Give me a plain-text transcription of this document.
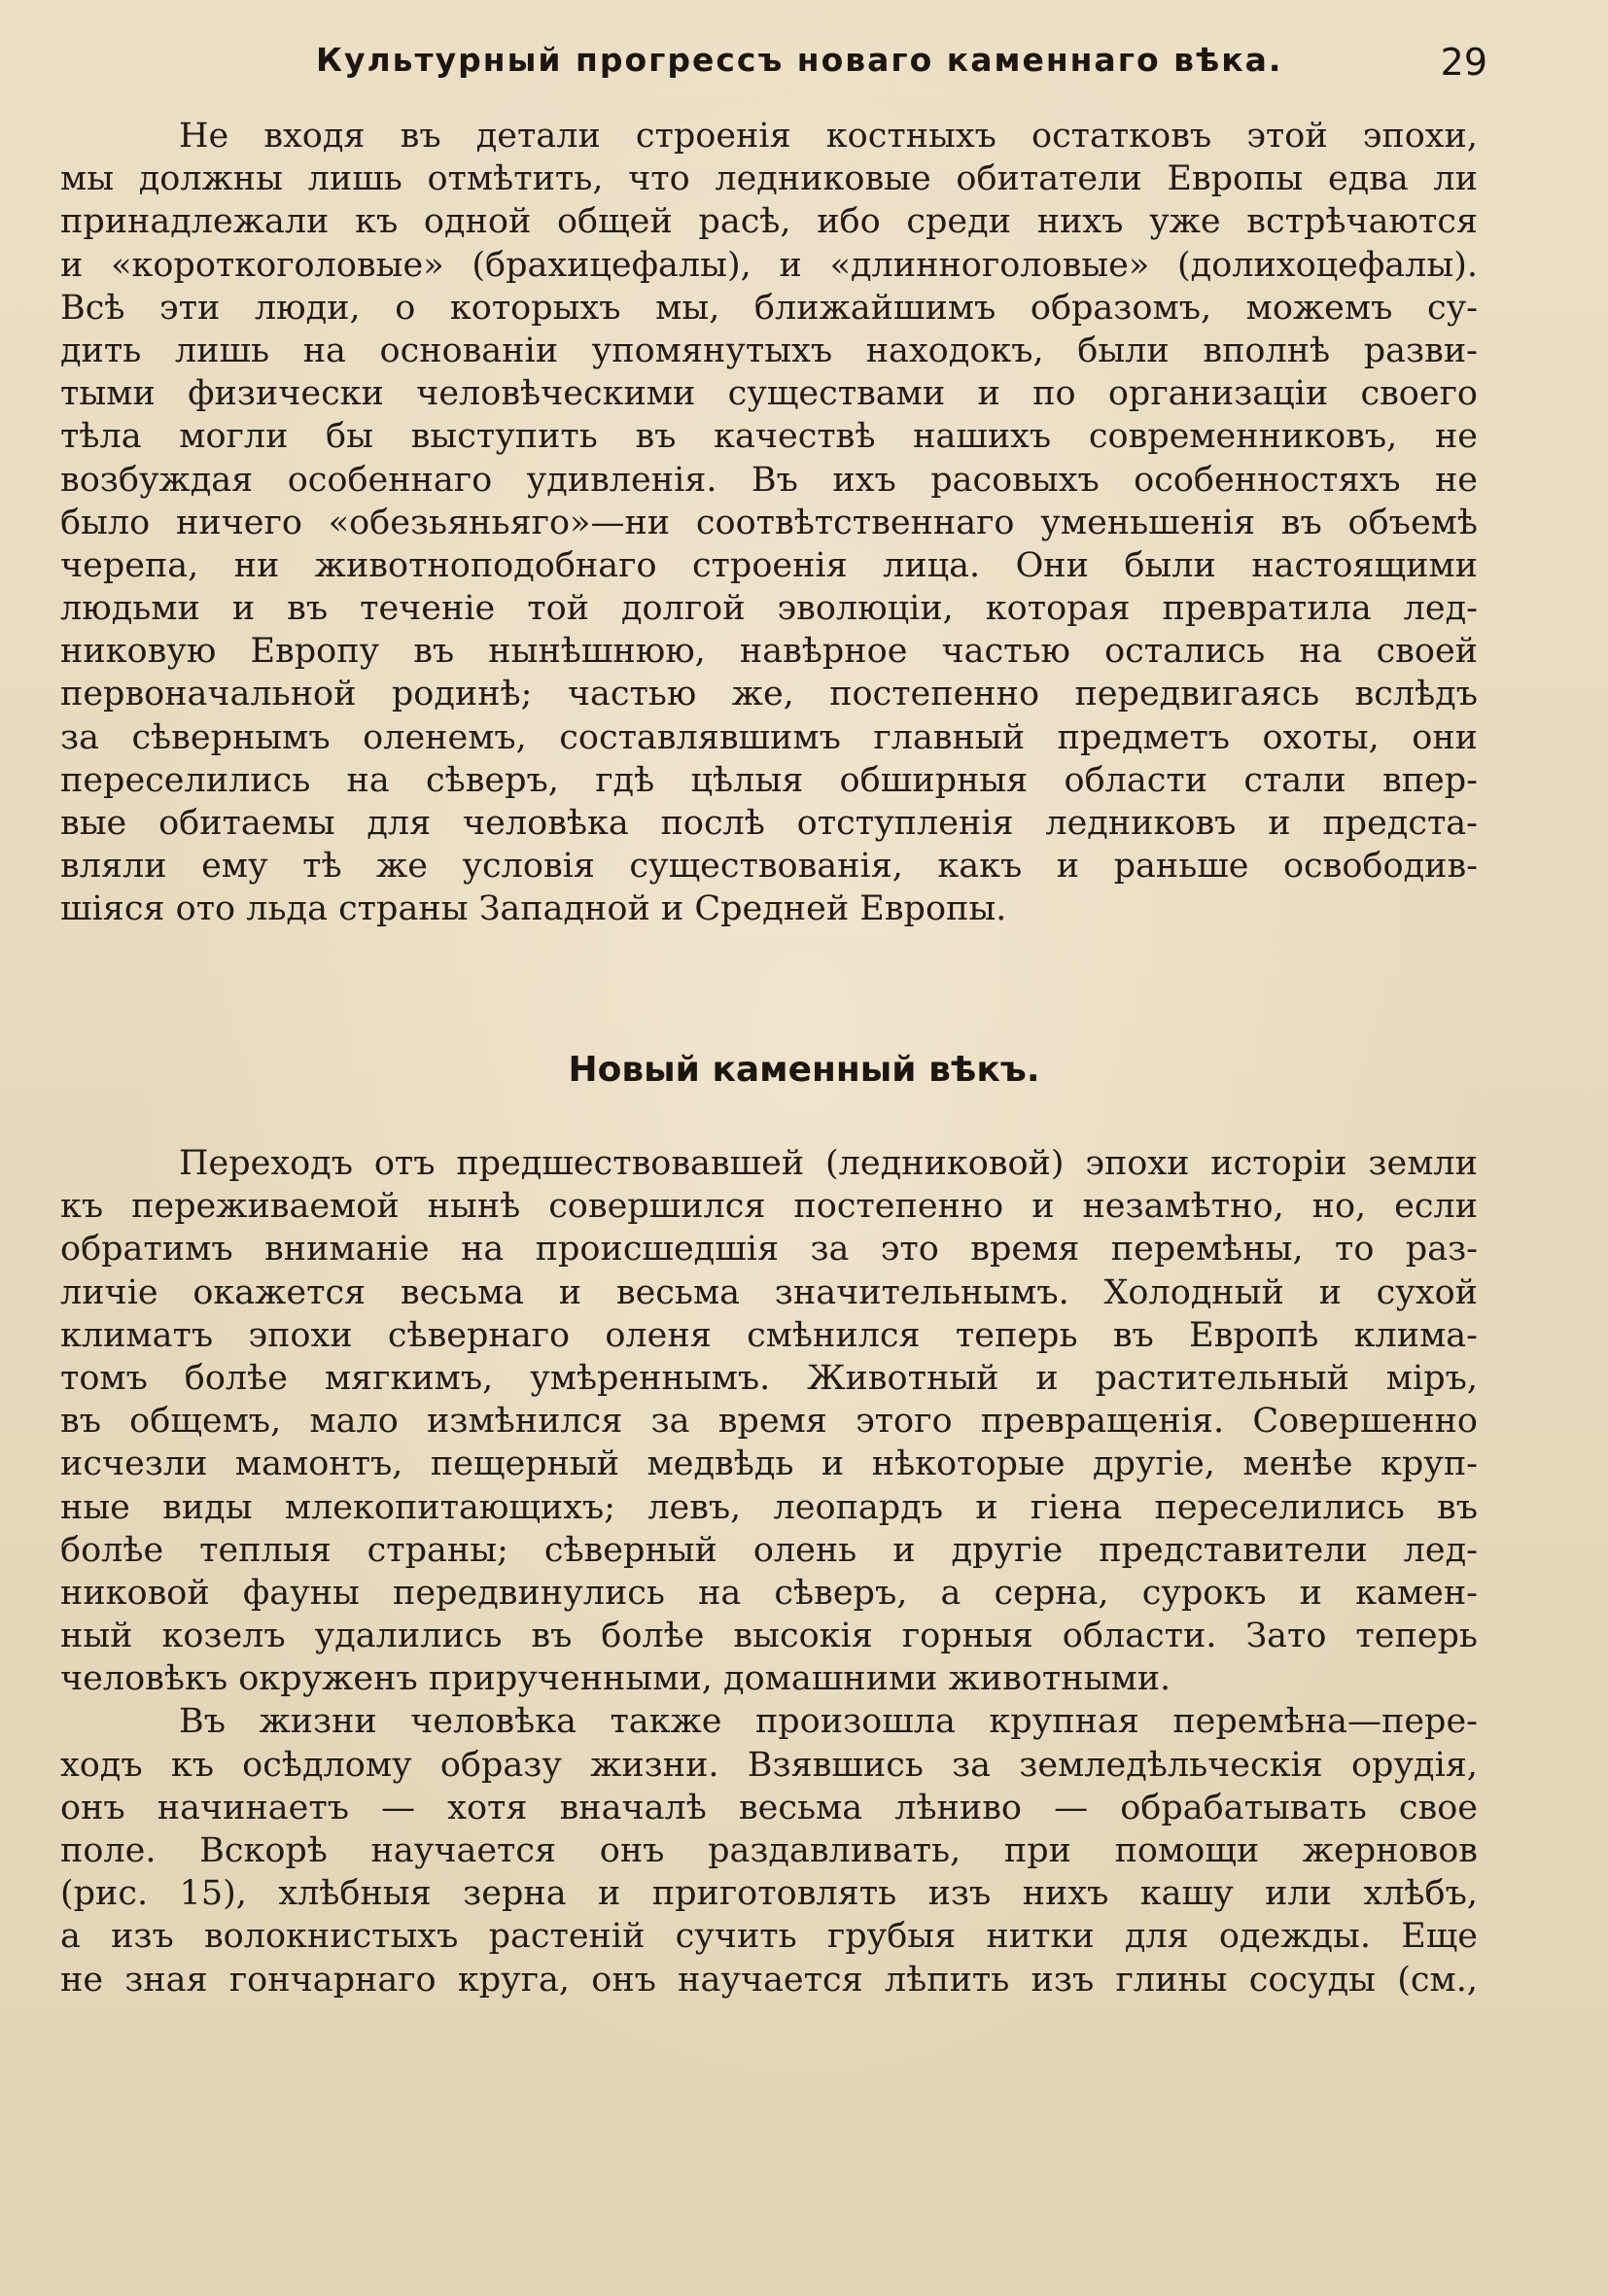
Культурный прогрессъ новаго каменнаго вѣка.	29
Не входя въ детали строенія костныхъ остатковъ этой эпохи,
мы должны лишь отмѣтить, что ледниковые обитатели Европы едва ли
принадлежали къ одной общей расѣ, ибо среди нихъ уже встрѣчаются
и «короткоголовые» (брахицефалы), и «длинноголовые» (долихоцефалы).
Всѣ эти люди, о которыхъ мы, ближайшимъ образомъ, можемъ су-
дить лишь на основаніи упомянутыхъ находокъ, были вполнѣ разви-
тыми физически человѣческими существами и по организаціи своего
тѣла могли бы выступить въ качествѣ нашихъ современниковъ, не
возбуждая особеннаго удивленія. Въ ихъ расовыхъ особенностяхъ не
было ничего «обезьяньяго»—ни соотвѣтственнаго уменьшенія въ объемѣ
черепа, ни животноподобнаго строенія лица. Они были настоящими
людьми и въ теченіе той долгой эволюціи, которая превратила лед-
никовую Европу въ нынѣшнюю, навѣрное частью остались на своей
первоначальной родинѣ; частью же, постепенно передвигаясь вслѣдъ
за сѣвернымъ оленемъ, составлявшимъ главный предметъ охоты, они
переселились на сѣверъ, гдѣ цѣлыя обширныя области стали впер-
вые обитаемы для человѣка послѣ отступленія ледниковъ и предста-
вляли ему тѣ же условія существованія, какъ и раньше освободив-
шіяся ото льда страны Западной и Средней Европы.
Новый каменный вѣкъ.
Переходъ отъ предшествовавшей (ледниковой) эпохи исторіи земли
къ переживаемой нынѣ совершился постепенно и незамѣтно, но, если
обратимъ вниманіе на происшедшія за это время перемѣны, то раз-
личіе окажется весьма и весьма значительнымъ. Холодный и сухой
климатъ эпохи сѣвернаго оленя смѣнился теперь въ Европѣ климa-
томъ болѣе мягкимъ, умѣреннымъ. Животный и растительный міръ,
въ общемъ, мало измѣнился за время этого превращенія. Совершенно
исчезли мамонтъ, пещерный медвѣдь и нѣкоторые другіе, менѣе круп-
ные виды млекопитающихъ; левъ, леопардъ и гіена переселились въ
болѣе теплыя страны; сѣверный олень и другіе представители лед-
никовой фауны передвинулись на сѣверъ, а серна, сурокъ и камен-
ный козелъ удалились въ болѣе высокія горныя области. Зато теперь
человѣкъ окруженъ прирученными, домашними животными.
Въ жизни человѣка также произошла крупная перемѣна—пере-
ходъ къ осѣдлому образу жизни. Взявшись за земледѣльческія орудія,
онъ начинаетъ — хотя вначалѣ весьма лѣниво — обрабатывать свое
поле. Вскорѣ научается онъ раздавливать, при помощи жерновов
(рис. 15), хлѣбныя зерна и приготовлять изъ нихъ кашу или хлѣбъ,
а изъ волокнистыхъ растеній сучить грубыя нитки для одежды. Еще
не зная гончарнаго круга, онъ научается лѣпить изъ глины сосуды (см.,
